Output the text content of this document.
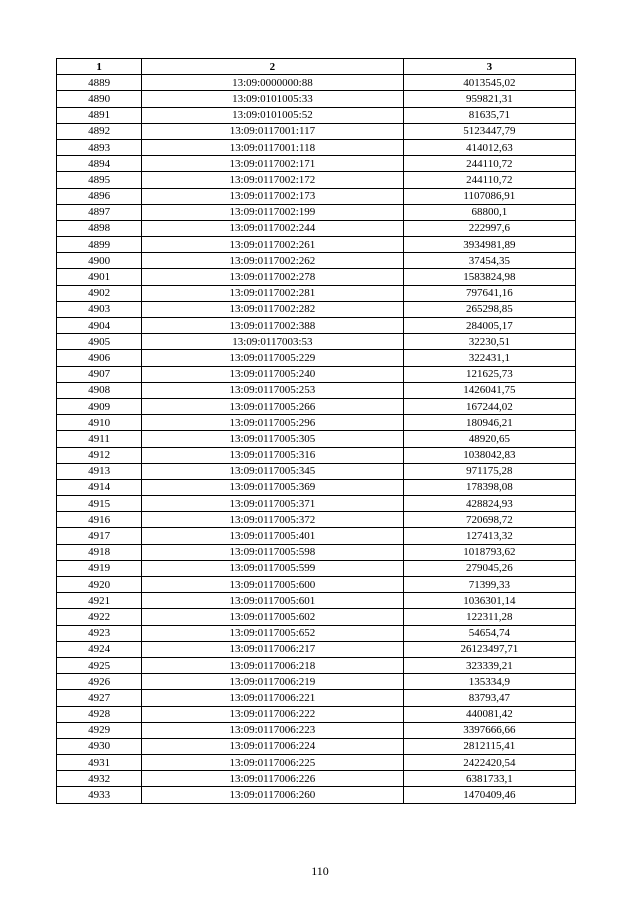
1	2	3
4889	13:09:0000000:88	4013545,02
4890	13:09:0101005:33	959821,31
4891	13:09:0101005:52	81635,71
4892	13:09:0117001:117	5123447,79
4893	13:09:0117001:118	414012,63
4894	13:09:0117002:171	244110,72
4895	13:09:0117002:172	244110,72
4896	13:09:0117002:173	1107086,91
4897	13:09:0117002:199	68800,1
4898	13:09:0117002:244	222997,6
4899	13:09:0117002:261	3934981,89
4900	13:09:0117002:262	37454,35
4901	13:09:0117002:278	1583824,98
4902	13:09:0117002:281	797641,16
4903	13:09:0117002:282	265298,85
4904	13:09:0117002:388	284005,17
4905	13:09:0117003:53	32230,51
4906	13:09:0117005:229	322431,1
4907	13:09:0117005:240	121625,73
4908	13:09:0117005:253	1426041,75
4909	13:09:0117005:266	167244,02
4910	13:09:0117005:296	180946,21
4911	13:09:0117005:305	48920,65
4912	13:09:0117005:316	1038042,83
4913	13:09:0117005:345	971175,28
4914	13:09:0117005:369	178398,08
4915	13:09:0117005:371	428824,93
4916	13:09:0117005:372	720698,72
4917	13:09:0117005:401	127413,32
4918	13:09:0117005:598	1018793,62
4919	13:09:0117005:599	279045,26
4920	13:09:0117005:600	71399,33
4921	13:09:0117005:601	1036301,14
4922	13:09:0117005:602	122311,28
4923	13:09:0117005:652	54654,74
4924	13:09:0117006:217	26123497,71
4925	13:09:0117006:218	323339,21
4926	13:09:0117006:219	135334,9
4927	13:09:0117006:221	83793,47
4928	13:09:0117006:222	440081,42
4929	13:09:0117006:223	3397666,66
4930	13:09:0117006:224	2812115,41
4931	13:09:0117006:225	2422420,54
4932	13:09:0117006:226	6381733,1
4933	13:09:0117006:260	1470409,46
110
